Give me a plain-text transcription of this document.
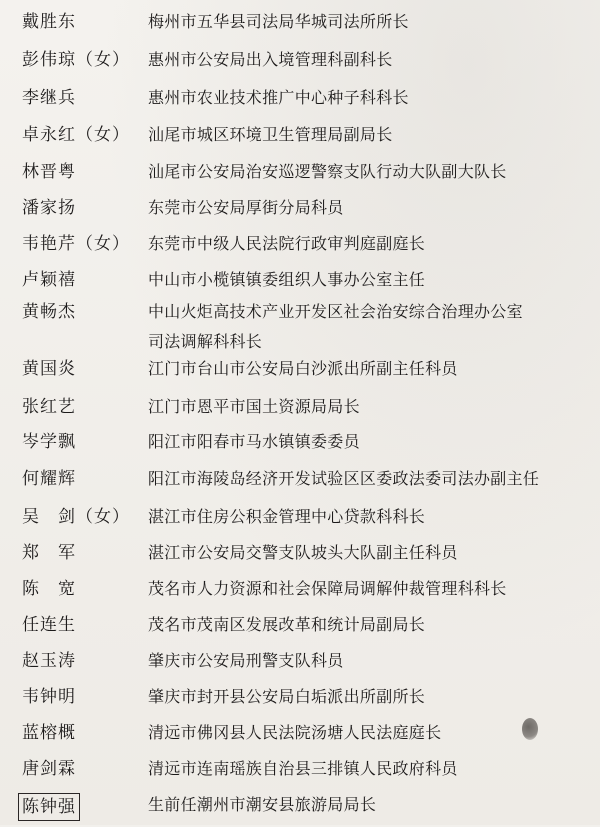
戴胜东	梅州市五华县司法局华城司法所所长
彭伟琼（女） 惠州市公安局出入境管理科副科长
李继兵	惠州市农业技术推广中心种子科科长
卓永红（女） 汕尾市城区环境卫生管理局副局长
林晋粤	汕尾市公安局治安巡逻警察支队行动大队副大队长
潘家扬	东莞市公安局厚街分局科员
韦艳芹（女） 东莞市中级人民法院行政审判庭副庭长
卢颖禧	中山市小榄镇镇委组织人事办公室主任
黄畅杰	中山火炬高技术产业开发区社会治安综合治理办公室
司法调解科科长
黄国炎	江门市台山市公安局白沙派出所副主任科员
张红艺	江门市恩平市国土资源局局长
岑学飘	阳江市阳春市马水镇镇委委员
何耀辉	阳江市海陵岛经济开发试验区区委政法委司法办副主任
吴　剑（女） 湛江市住房公积金管理中心贷款科科长
郑　军	湛江市公安局交警支队坡头大队副主任科员
陈　宽	茂名市人力资源和社会保障局调解仲裁管理科科长
任连生	茂名市茂南区发展改革和统计局副局长
赵玉涛	肇庆市公安局刑警支队科员
韦钟明	肇庆市封开县公安局白垢派出所副所长
蓝榕概	清远市佛冈县人民法院汤塘人民法庭庭长
唐剑霖	清远市连南瑶族自治县三排镇人民政府科员
陈钟强	生前任潮州市潮安县旅游局局长
